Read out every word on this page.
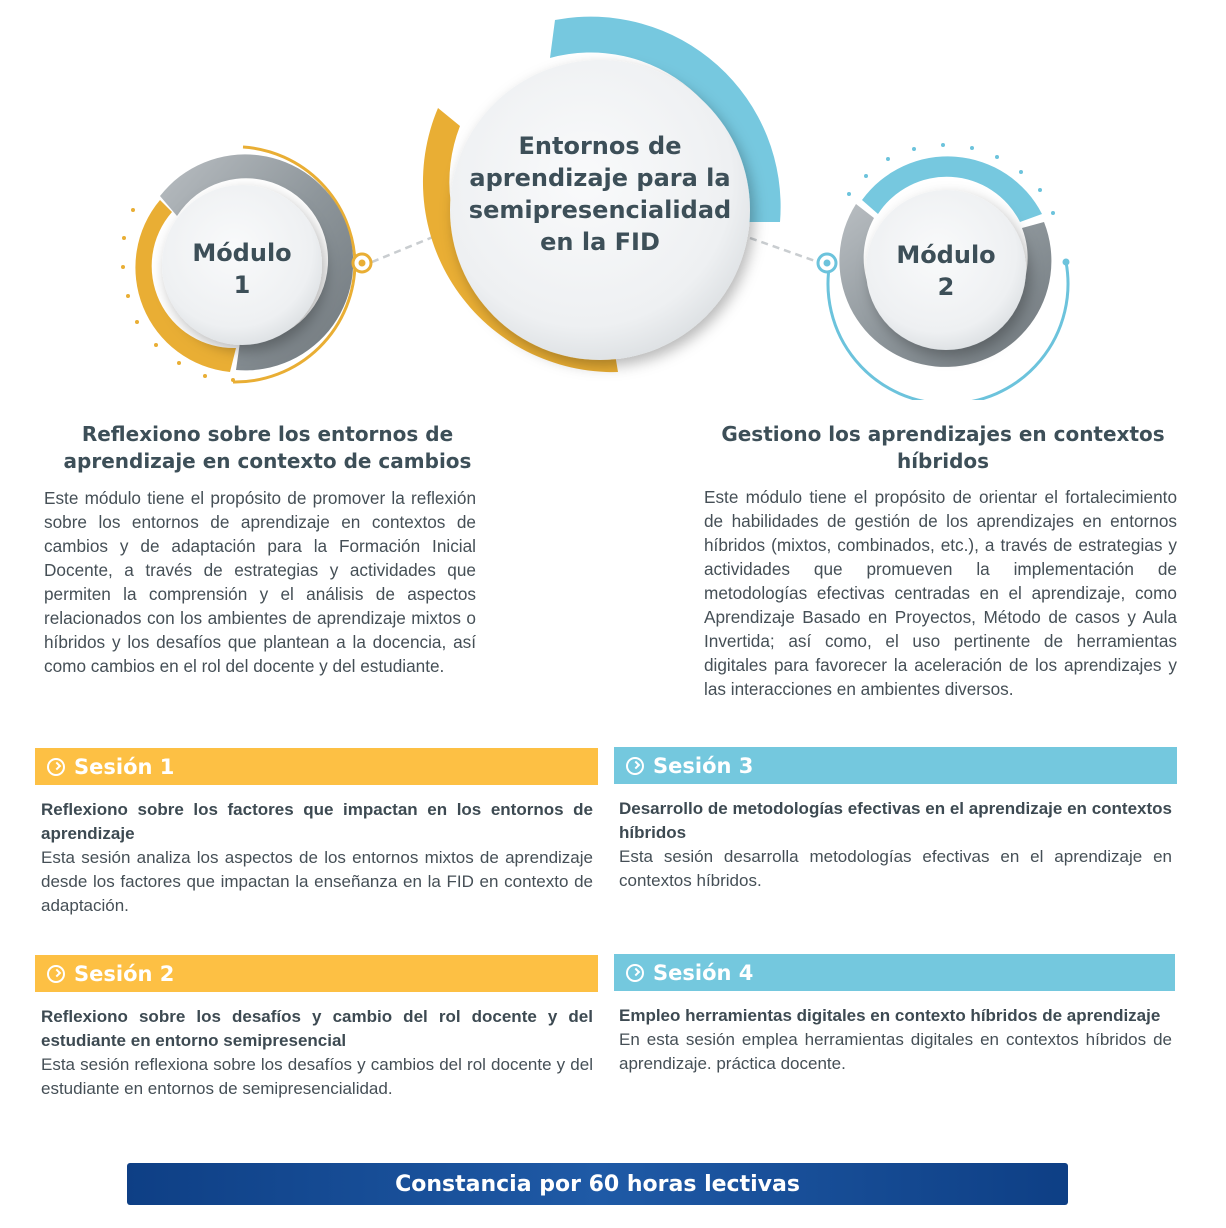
Entornos de
aprendizaje para la
semipresencialidad
en la FID
Módulo
1
Módulo
2
Reflexiono sobre los entornos de aprendizaje en contexto de cambios
Este módulo tiene el propósito de promover la reflexión sobre los entornos de aprendizaje en contextos de cambios y de adaptación para la Formación Inicial Docente, a través de estrategias y actividades que permiten la comprensión y el análisis de aspectos relacionados con los ambientes de aprendizaje mixtos o híbridos y los desafíos que plantean a la docencia, así como cambios en el rol del docente y del estudiante.
Gestiono los aprendizajes en contextos híbridos
Este módulo tiene el propósito de orientar el fortalecimiento de habilidades de gestión de los aprendizajes en entornos híbridos (mixtos, combinados, etc.), a través de estrategias y actividades que promueven la implementación de metodologías efectivas centradas en el aprendizaje, como Aprendizaje Basado en Proyectos, Método de casos y Aula Invertida; así como, el uso pertinente de herramientas digitales para favorecer la aceleración de los aprendizajes y las interacciones en ambientes diversos.
Sesión 1
Reflexiono sobre los factores que impactan en los entornos de aprendizaje
Esta sesión analiza los aspectos de los entornos mixtos de aprendizaje desde los factores que impactan la enseñanza en la FID en contexto de adaptación.
Sesión 3
Desarrollo de metodologías efectivas en el aprendizaje en contextos híbridos
Esta sesión desarrolla metodologías efectivas en el aprendizaje en contextos híbridos.
Sesión 2
Reflexiono sobre los desafíos y cambio del rol docente y del estudiante en entorno semipresencial
Esta sesión reflexiona sobre los desafíos y cambios del rol docente y del estudiante en entornos de semipresencialidad.
Sesión 4
Empleo herramientas digitales en contexto híbridos de aprendizaje
En esta sesión emplea herramientas digitales en contextos híbridos de aprendizaje. práctica docente.
Constancia por 60 horas lectivas
